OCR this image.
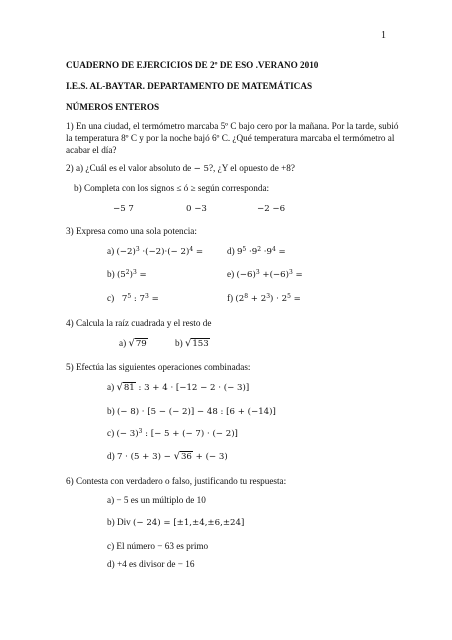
1
CUADERNO DE EJERCICIOS DE 2º DE ESO .VERANO 2010
I.E.S. AL-BAYTAR. DEPARTAMENTO DE MATEMÁTICAS
NÚMEROS ENTEROS
1) En una ciudad, el termómetro marcaba 5º C bajo cero por la mañana. Por la tarde, subió la temperatura 8º C y por la noche bajó 6º C. ¿Qué temperatura marcaba el termómetro al acabar el día?
2) a) ¿Cuál es el valor absoluto de − 5?, ¿Y el opuesto de +8?
b) Completa con los signos ≤ ó ≥ según corresponda:
−5 7	0 −3	−2 −6
3) Expresa como una sola potencia:
a) $(-2)^3 \cdot(-2)\cdot(- 2)^4$ =	d) $9^5 \cdot 9^2 \cdot 9^4$ =
b) $(5^2)^3$ =	e) $(-6)^3 +(-6)^3$ =
c)   $7^5$ : $7^3$ =	f) $(2^8 + 2^3) \cdot 2^5$ =
4) Calcula la raíz cuadrada y el resto de
a) √79	b) √153
5) Efectúa las siguientes operaciones combinadas:
a) √81 : 3 + 4 · [−12 − 2 · (− 3)]
b) (− 8) · [5 − (− 2)] − 48 : [6 + (−14)]
c) (− 3)$^3$ : [− 5 + (− 7) · (− 2)]
d) 7 · (5 + 3) − √36 + (− 3)
6) Contesta con verdadero o falso, justificando tu respuesta:
a) − 5 es un múltiplo de 10
b) Div (− 24) = [±1,±4,±6,±24]
c) El número − 63 es primo
d) +4 es divisor de − 16
